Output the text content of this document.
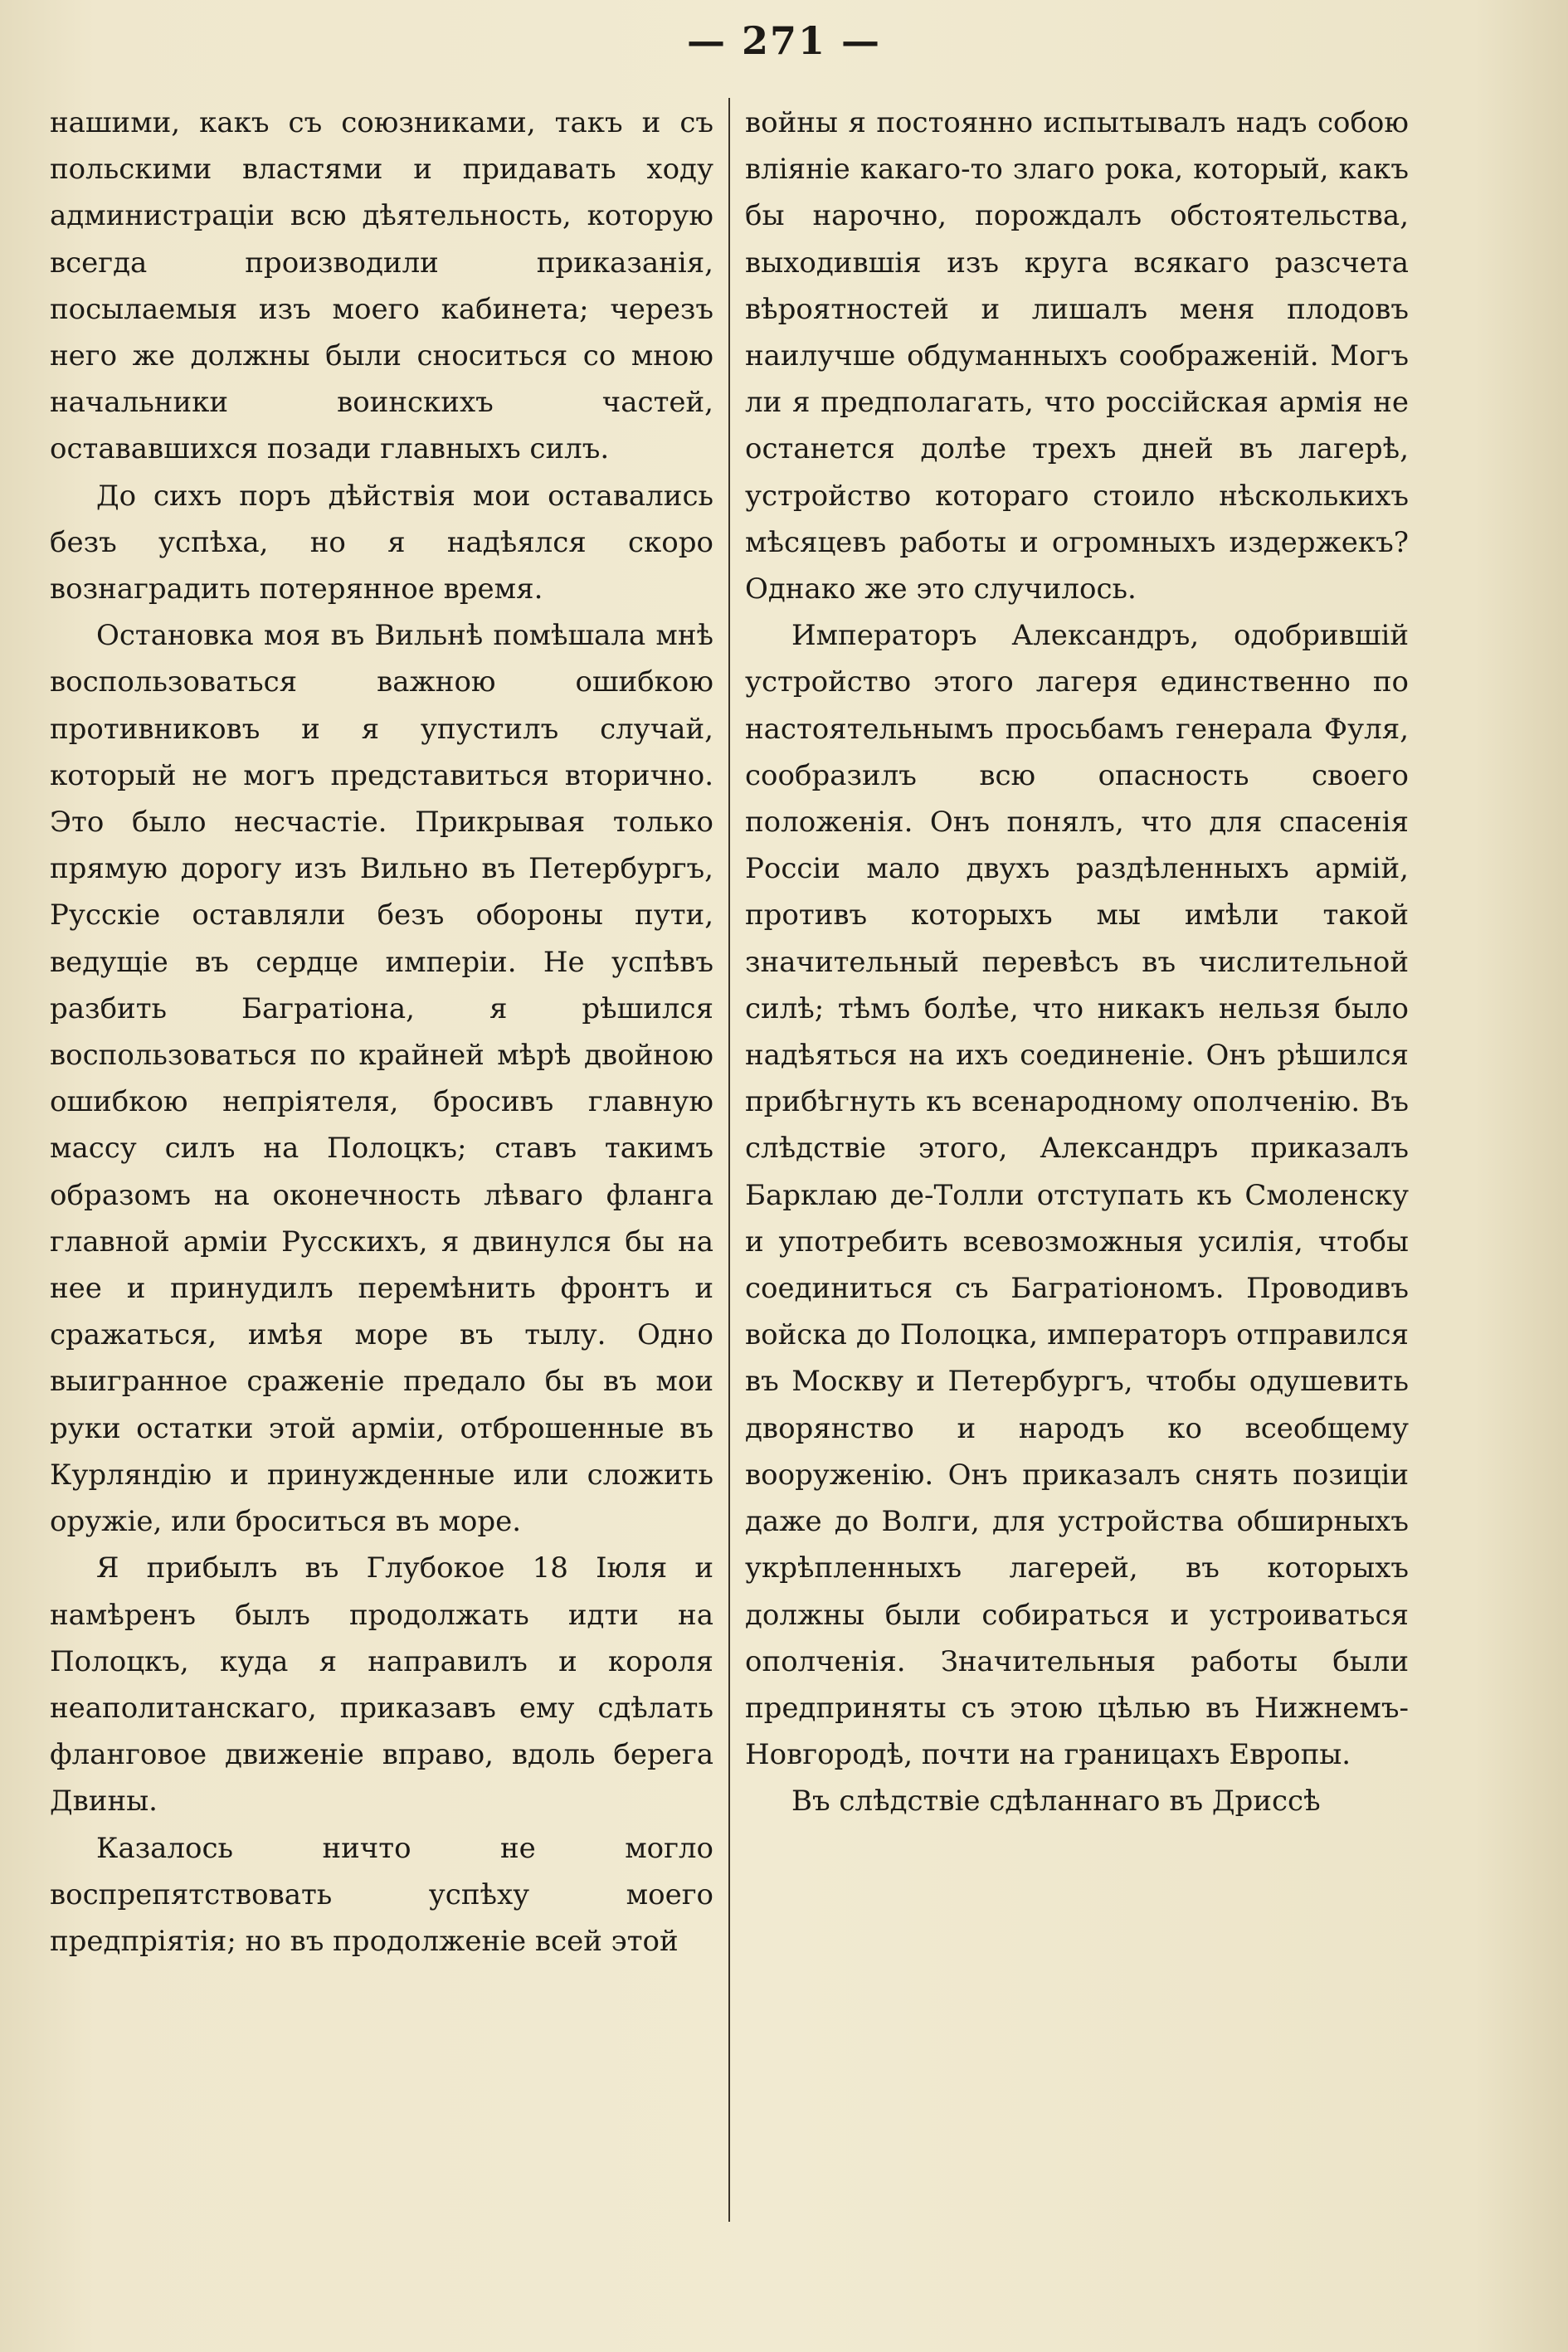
— 271 —

нашими, какъ съ союзниками, такъ и съ польскими властями и придавать ходу администраціи всю дѣятельность, которую всегда производили приказанія, посылаемыя изъ моего кабинета; черезъ него же должны были сноситься со мною начальники воинскихъ частей, остававшихся позади главныхъ силъ.

До сихъ поръ дѣйствія мои оставались безъ успѣха, но я надѣялся скоро вознаградить потерянное время.

Остановка моя въ Вильнѣ помѣшала мнѣ воспользоваться важною ошибкою противниковъ и я упустилъ случай, который не могъ представиться вторично. Это было несчастіе. Прикрывая только прямую дорогу изъ Вильно въ Петербургъ, Русскіе оставляли безъ обороны пути, ведущіе въ сердце имперіи. Не успѣвъ разбить Багратіона, я рѣшился воспользоваться по крайней мѣрѣ двойною ошибкою непріятеля, бросивъ главную массу силъ на Полоцкъ; ставъ такимъ образомъ на оконечность лѣваго фланга главной арміи Русскихъ, я двинулся бы на нее и принудилъ перемѣнить фронтъ и сражаться, имѣя море въ тылу. Одно выигранное сраженіе предало бы въ мои руки остатки этой арміи, отброшенные въ Курляндію и принужденные или сложить оружіе, или броситься въ море.

Я прибылъ въ Глубокое 18 Іюля и намѣренъ былъ продолжать идти на Полоцкъ, куда я направилъ и короля неаполитанскаго, приказавъ ему сдѣлать фланговое движеніе вправо, вдоль берега Двины.

Казалось ничто не могло воспрепятствовать успѣху моего предпріятія; но въ продолженіе всей этой

войны я постоянно испытывалъ надъ собою вліяніе какаго-то злаго рока, который, какъ бы нарочно, порождалъ обстоятельства, выходившія изъ круга всякаго разсчета вѣроятностей и лишалъ меня плодовъ наилучше обдуманныхъ соображеній. Могъ ли я предполагать, что россійская армія не останется долѣе трехъ дней въ лагерѣ, устройство котораго стоило нѣсколькихъ мѣсяцевъ работы и огромныхъ издержекъ? Однако же это случилось.

Императоръ Александръ, одобрившій устройство этого лагеря единственно по настоятельнымъ просьбамъ генерала Фуля, сообразилъ всю опасность своего положенія. Онъ понялъ, что для спасенія Россіи мало двухъ раздѣленныхъ армій, противъ которыхъ мы имѣли такой значительный перевѣсъ въ числительной силѣ; тѣмъ болѣе, что никакъ нельзя было надѣяться на ихъ соединеніе. Онъ рѣшился прибѣгнуть къ всенародному ополченію. Въ слѣдствіе этого, Александръ приказалъ Барклаю де-Толли отступать къ Смоленску и употребить всевозможныя усилія, чтобы соединиться съ Багратіономъ. Проводивъ войска до Полоцка, императоръ отправился въ Москву и Петербургъ, чтобы одушевить дворянство и народъ ко всеобщему вооруженію. Онъ приказалъ снять позиціи даже до Волги, для устройства обширныхъ укрѣпленныхъ лагерей, въ которыхъ должны были собираться и устроиваться ополченія. Значительныя работы были предприняты съ этою цѣлью въ Нижнемъ-Новгородѣ, почти на границахъ Европы.

Въ слѣдствіе сдѣланнаго въ Дриссѣ
